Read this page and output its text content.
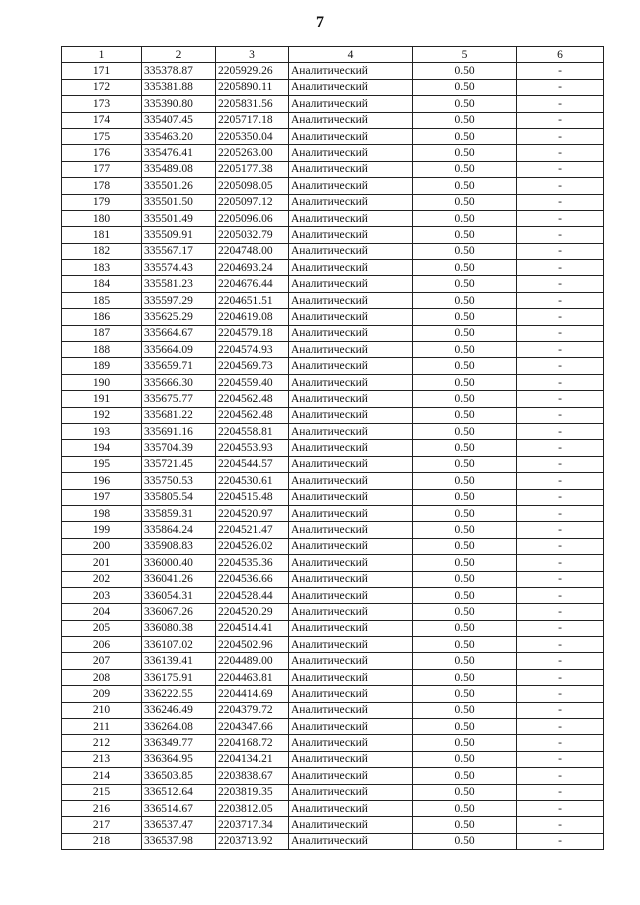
7
1	2	3	4	5	6
171	335378.87	2205929.26	Аналитический	0.50	-
172	335381.88	2205890.11	Аналитический	0.50	-
173	335390.80	2205831.56	Аналитический	0.50	-
174	335407.45	2205717.18	Аналитический	0.50	-
175	335463.20	2205350.04	Аналитический	0.50	-
176	335476.41	2205263.00	Аналитический	0.50	-
177	335489.08	2205177.38	Аналитический	0.50	-
178	335501.26	2205098.05	Аналитический	0.50	-
179	335501.50	2205097.12	Аналитический	0.50	-
180	335501.49	2205096.06	Аналитический	0.50	-
181	335509.91	2205032.79	Аналитический	0.50	-
182	335567.17	2204748.00	Аналитический	0.50	-
183	335574.43	2204693.24	Аналитический	0.50	-
184	335581.23	2204676.44	Аналитический	0.50	-
185	335597.29	2204651.51	Аналитический	0.50	-
186	335625.29	2204619.08	Аналитический	0.50	-
187	335664.67	2204579.18	Аналитический	0.50	-
188	335664.09	2204574.93	Аналитический	0.50	-
189	335659.71	2204569.73	Аналитический	0.50	-
190	335666.30	2204559.40	Аналитический	0.50	-
191	335675.77	2204562.48	Аналитический	0.50	-
192	335681.22	2204562.48	Аналитический	0.50	-
193	335691.16	2204558.81	Аналитический	0.50	-
194	335704.39	2204553.93	Аналитический	0.50	-
195	335721.45	2204544.57	Аналитический	0.50	-
196	335750.53	2204530.61	Аналитический	0.50	-
197	335805.54	2204515.48	Аналитический	0.50	-
198	335859.31	2204520.97	Аналитический	0.50	-
199	335864.24	2204521.47	Аналитический	0.50	-
200	335908.83	2204526.02	Аналитический	0.50	-
201	336000.40	2204535.36	Аналитический	0.50	-
202	336041.26	2204536.66	Аналитический	0.50	-
203	336054.31	2204528.44	Аналитический	0.50	-
204	336067.26	2204520.29	Аналитический	0.50	-
205	336080.38	2204514.41	Аналитический	0.50	-
206	336107.02	2204502.96	Аналитический	0.50	-
207	336139.41	2204489.00	Аналитический	0.50	-
208	336175.91	2204463.81	Аналитический	0.50	-
209	336222.55	2204414.69	Аналитический	0.50	-
210	336246.49	2204379.72	Аналитический	0.50	-
211	336264.08	2204347.66	Аналитический	0.50	-
212	336349.77	2204168.72	Аналитический	0.50	-
213	336364.95	2204134.21	Аналитический	0.50	-
214	336503.85	2203838.67	Аналитический	0.50	-
215	336512.64	2203819.35	Аналитический	0.50	-
216	336514.67	2203812.05	Аналитический	0.50	-
217	336537.47	2203717.34	Аналитический	0.50	-
218	336537.98	2203713.92	Аналитический	0.50	-
